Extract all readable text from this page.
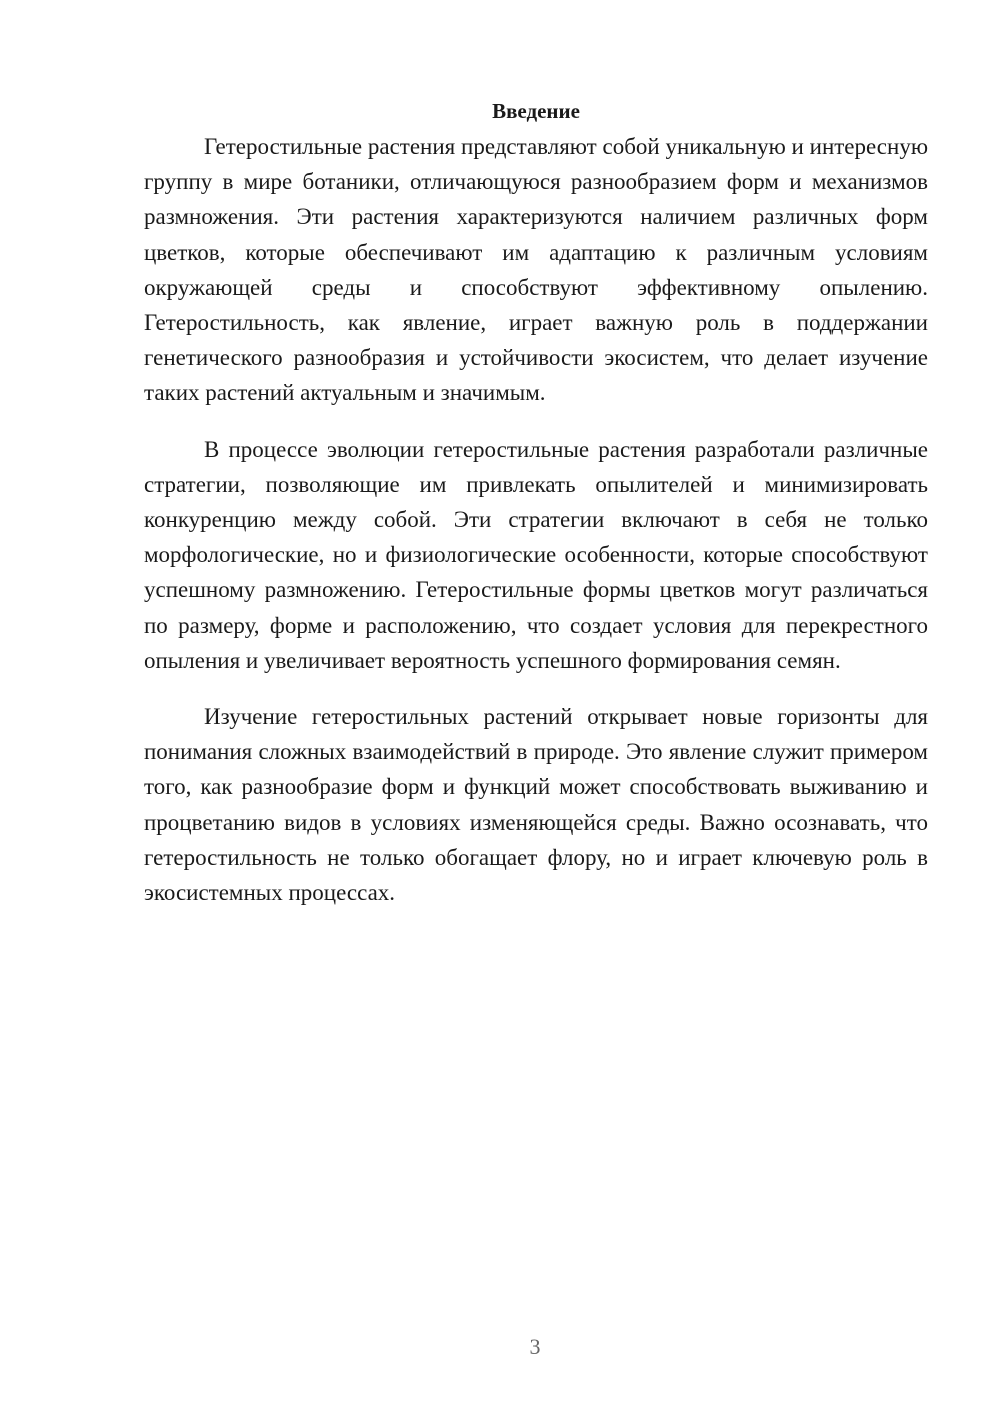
Введение

Гетеростильные растения представляют собой уникальную и интересную группу в мире ботаники, отличающуюся разнообразием форм и механизмов размножения. Эти растения характеризуются наличием различных форм цветков, которые обеспечивают им адаптацию к различным условиям окружающей среды и способствуют эффективному опылению. Гетеростильность, как явление, играет важную роль в поддержании генетического разнообразия и устойчивости экосистем, что делает изучение таких растений актуальным и значимым.

В процессе эволюции гетеростильные растения разработали различные стратегии, позволяющие им привлекать опылителей и минимизировать конкуренцию между собой. Эти стратегии включают в себя не только морфологические, но и физиологические особенности, которые способствуют успешному размножению. Гетеростильные формы цветков могут различаться по размеру, форме и расположению, что создает условия для перекрестного опыления и увеличивает вероятность успешного формирования семян.

Изучение гетеростильных растений открывает новые горизонты для понимания сложных взаимодействий в природе. Это явление служит примером того, как разнообразие форм и функций может способствовать выживанию и процветанию видов в условиях изменяющейся среды. Важно осознавать, что гетеростильность не только обогащает флору, но и играет ключевую роль в экосистемных процессах.

3
